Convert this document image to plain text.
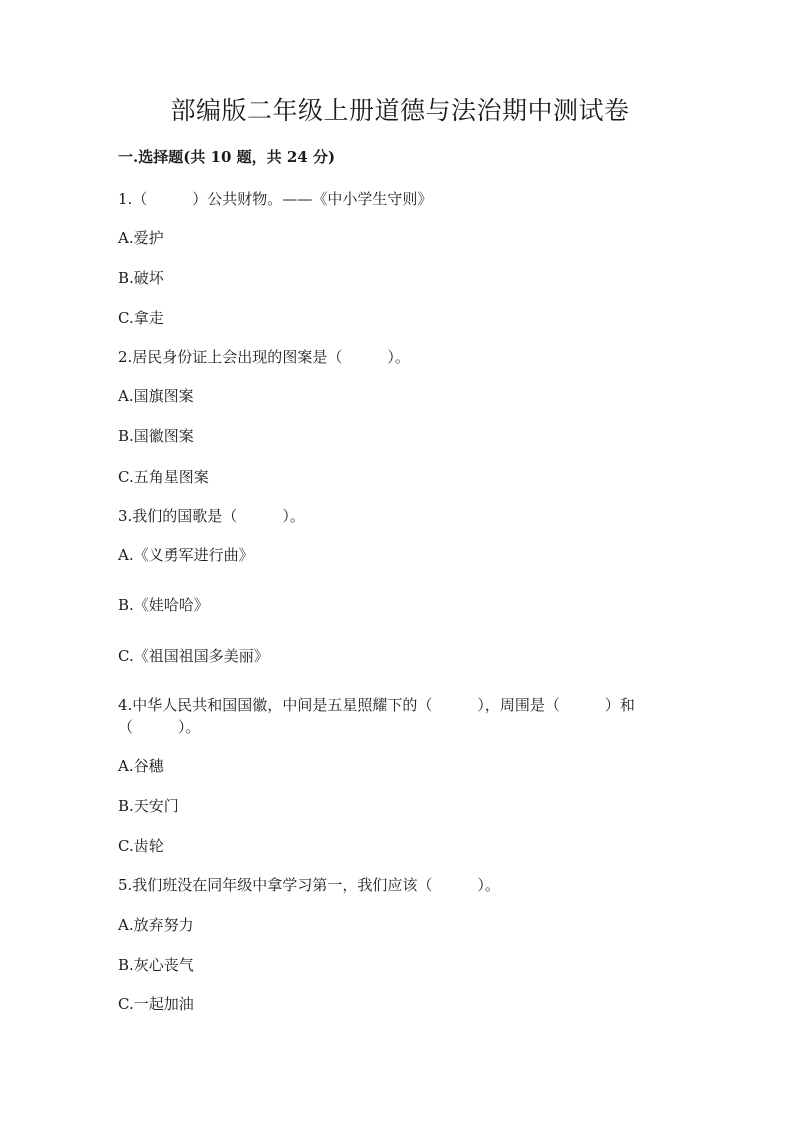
部编版二年级上册道德与法治期中测试卷
一.选择题(共 10 题，共 24 分)
1.（　　　）公共财物。——《中小学生守则》
A.爱护
B.破坏
C.拿走
2.居民身份证上会出现的图案是（　　　）。
A.国旗图案
B.国徽图案
C.五角星图案
3.我们的国歌是（　　　）。
A.《义勇军进行曲》
B.《娃哈哈》
C.《祖国祖国多美丽》
4.中华人民共和国国徽，中间是五星照耀下的（　　　），周围是（　　　）和
（　　　）。
A.谷穗
B.天安门
C.齿轮
5.我们班没在同年级中拿学习第一，我们应该（　　　）。
A.放弃努力
B.灰心丧气
C.一起加油
